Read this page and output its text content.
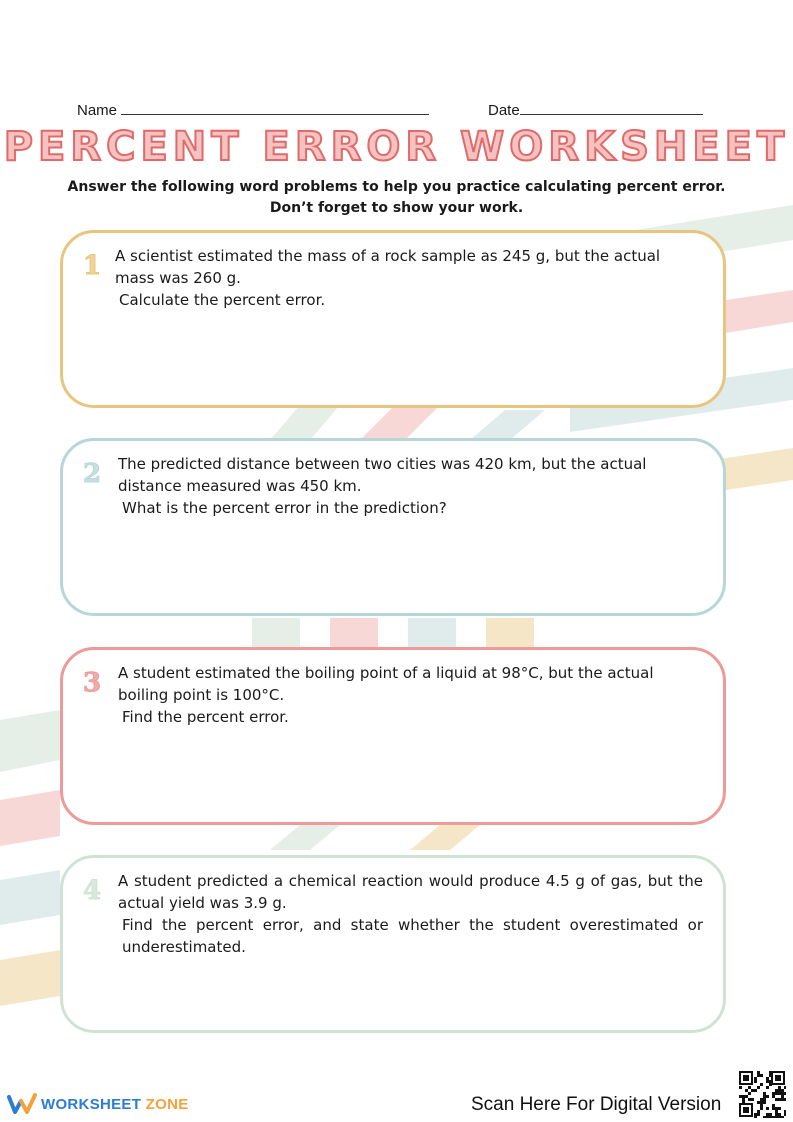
Name	Date
PERCENT ERROR WORKSHEET
Answer the following word problems to help you practice calculating percent error.
Don’t forget to show your work.
1 A scientist estimated the mass of a rock sample as 245 g, but the actual mass was 260 g.

Calculate the percent error.

2 The predicted distance between two cities was 420 km, but the actual distance measured was 450 km.

What is the percent error in the prediction?

3 A student estimated the boiling point of a liquid at 98°C, but the actual boiling point is 100°C.

Find the percent error.

4 A student predicted a chemical reaction would produce 4.5 g of gas, but the actual yield was 3.9 g.

Find the percent error, and state whether the student overestimated or underestimated.

WORKSHEET ZONE	Scan Here For Digital Version
